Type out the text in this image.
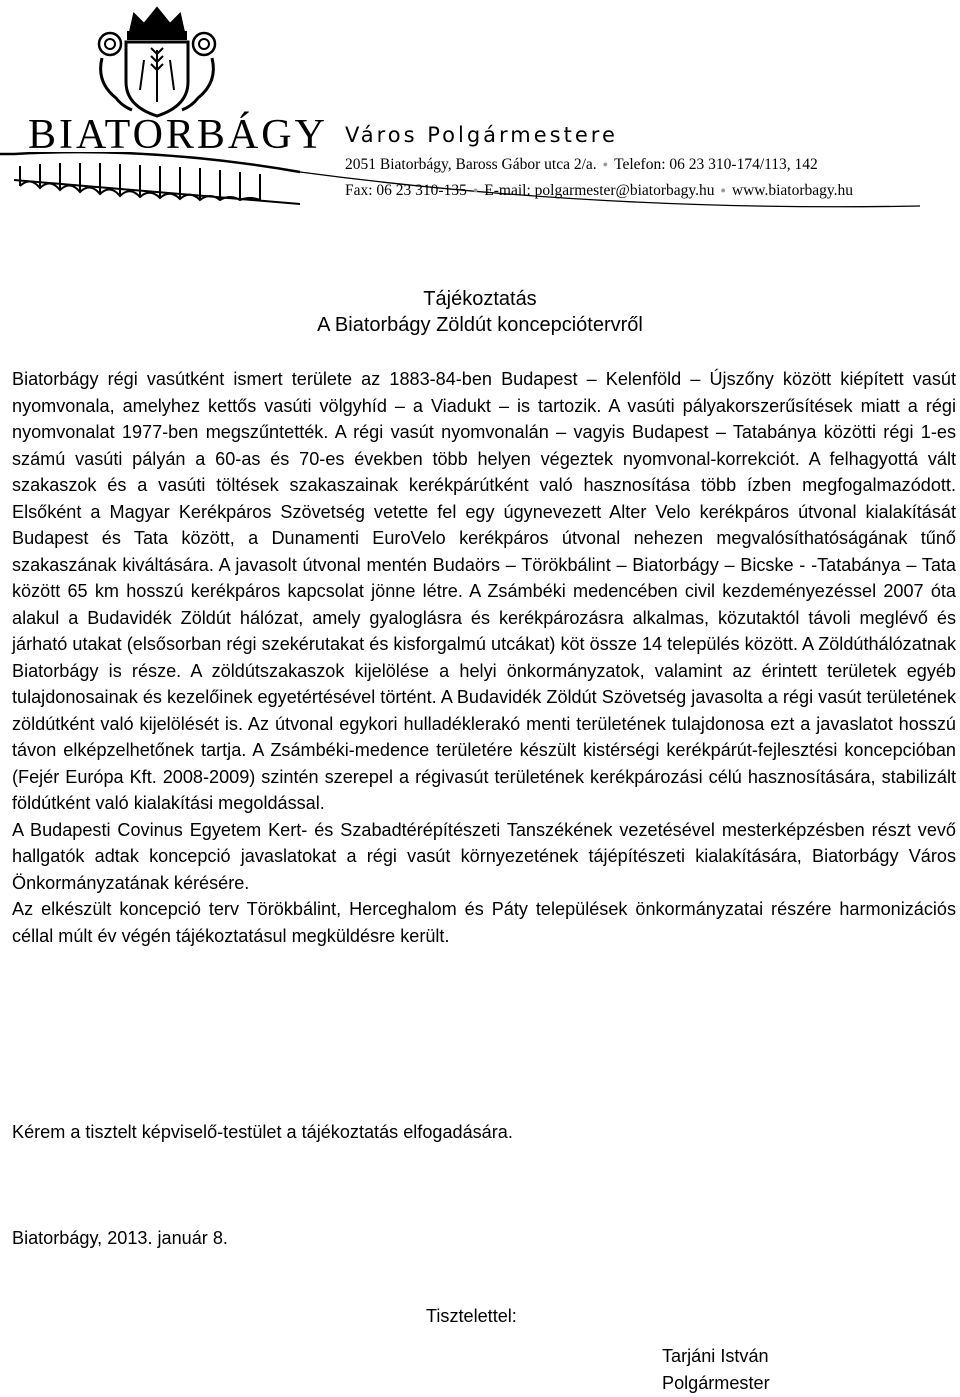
BIATORBÁGY Város Polgármestere
2051 Biatorbágy, Baross Gábor utca 2/a. ● Telefon: 06 23 310-174/113, 142
Fax: 06 23 310-135 ● E-mail: polgarmester@biatorbagy.hu ● www.biatorbagy.hu
Tájékoztatás
A Biatorbágy Zöldút koncepciótervről

Biatorbágy régi vasútként ismert területe az 1883-84-ben Budapest – Kelenföld – Újszőny között kiépített vasút nyomvonala, amelyhez kettős vasúti völgyhíd – a Viadukt – is tartozik. A vasúti pályakorszerűsítések miatt a régi nyomvonalat 1977-ben megszűntették. A régi vasút nyomvonalán – vagyis Budapest – Tatabánya közötti régi 1-es számú vasúti pályán a 60-as és 70-es években több helyen végeztek nyomvonal-korrekciót. A felhagyottá vált szakaszok és a vasúti töltések szakaszainak kerékpárútként való hasznosítása több ízben megfogalmazódott. Elsőként a Magyar Kerékpáros Szövetség vetette fel egy úgynevezett Alter Velo kerékpáros útvonal kialakítását Budapest és Tata között, a Dunamenti EuroVelo kerékpáros útvonal nehezen megvalósíthatóságának tűnő szakaszának kiváltására. A javasolt útvonal mentén Budaörs – Törökbálint – Biatorbágy – Bicske - -Tatabánya – Tata között 65 km hosszú kerékpáros kapcsolat jönne létre. A Zsámbéki medencében civil kezdeményezéssel 2007 óta alakul a Budavidék Zöldút hálózat, amely gyaloglásra és kerékpározásra alkalmas, közutaktól távoli meglévő és járható utakat (elsősorban régi szekérutakat és kisforgalmú utcákat) köt össze 14 település között. A Zöldúthálózatnak Biatorbágy is része. A zöldútszakaszok kijelölése a helyi önkormányzatok, valamint az érintett területek egyéb tulajdonosainak és kezelőinek egyetértésével történt. A Budavidék Zöldút Szövetség javasolta a régi vasút területének zöldútként való kijelölését is. Az útvonal egykori hulladéklerakó menti területének tulajdonosa ezt a javaslatot hosszú távon elképzelhetőnek tartja. A Zsámbéki-medence területére készült kistérségi kerékpárút-fejlesztési koncepcióban (Fejér Európa Kft. 2008-2009) szintén szerepel a régivasút területének kerékpározási célú hasznosítására, stabilizált földútként való kialakítási megoldással.

A Budapesti Covinus Egyetem Kert- és Szabadtérépítészeti Tanszékének vezetésével mesterképzésben részt vevő hallgatók adtak koncepció javaslatokat a régi vasút környezetének tájépítészeti kialakítására, Biatorbágy Város Önkormányzatának kérésére.

Az elkészült koncepció terv Törökbálint, Herceghalom és Páty települések önkormányzatai részére harmonizációs céllal múlt év végén tájékoztatásul megküldésre került.

Kérem a tisztelt képviselő-testület a tájékoztatás elfogadására.
Biatorbágy, 2013. január 8.
Tisztelettel:
Tarjáni István
Polgármester
